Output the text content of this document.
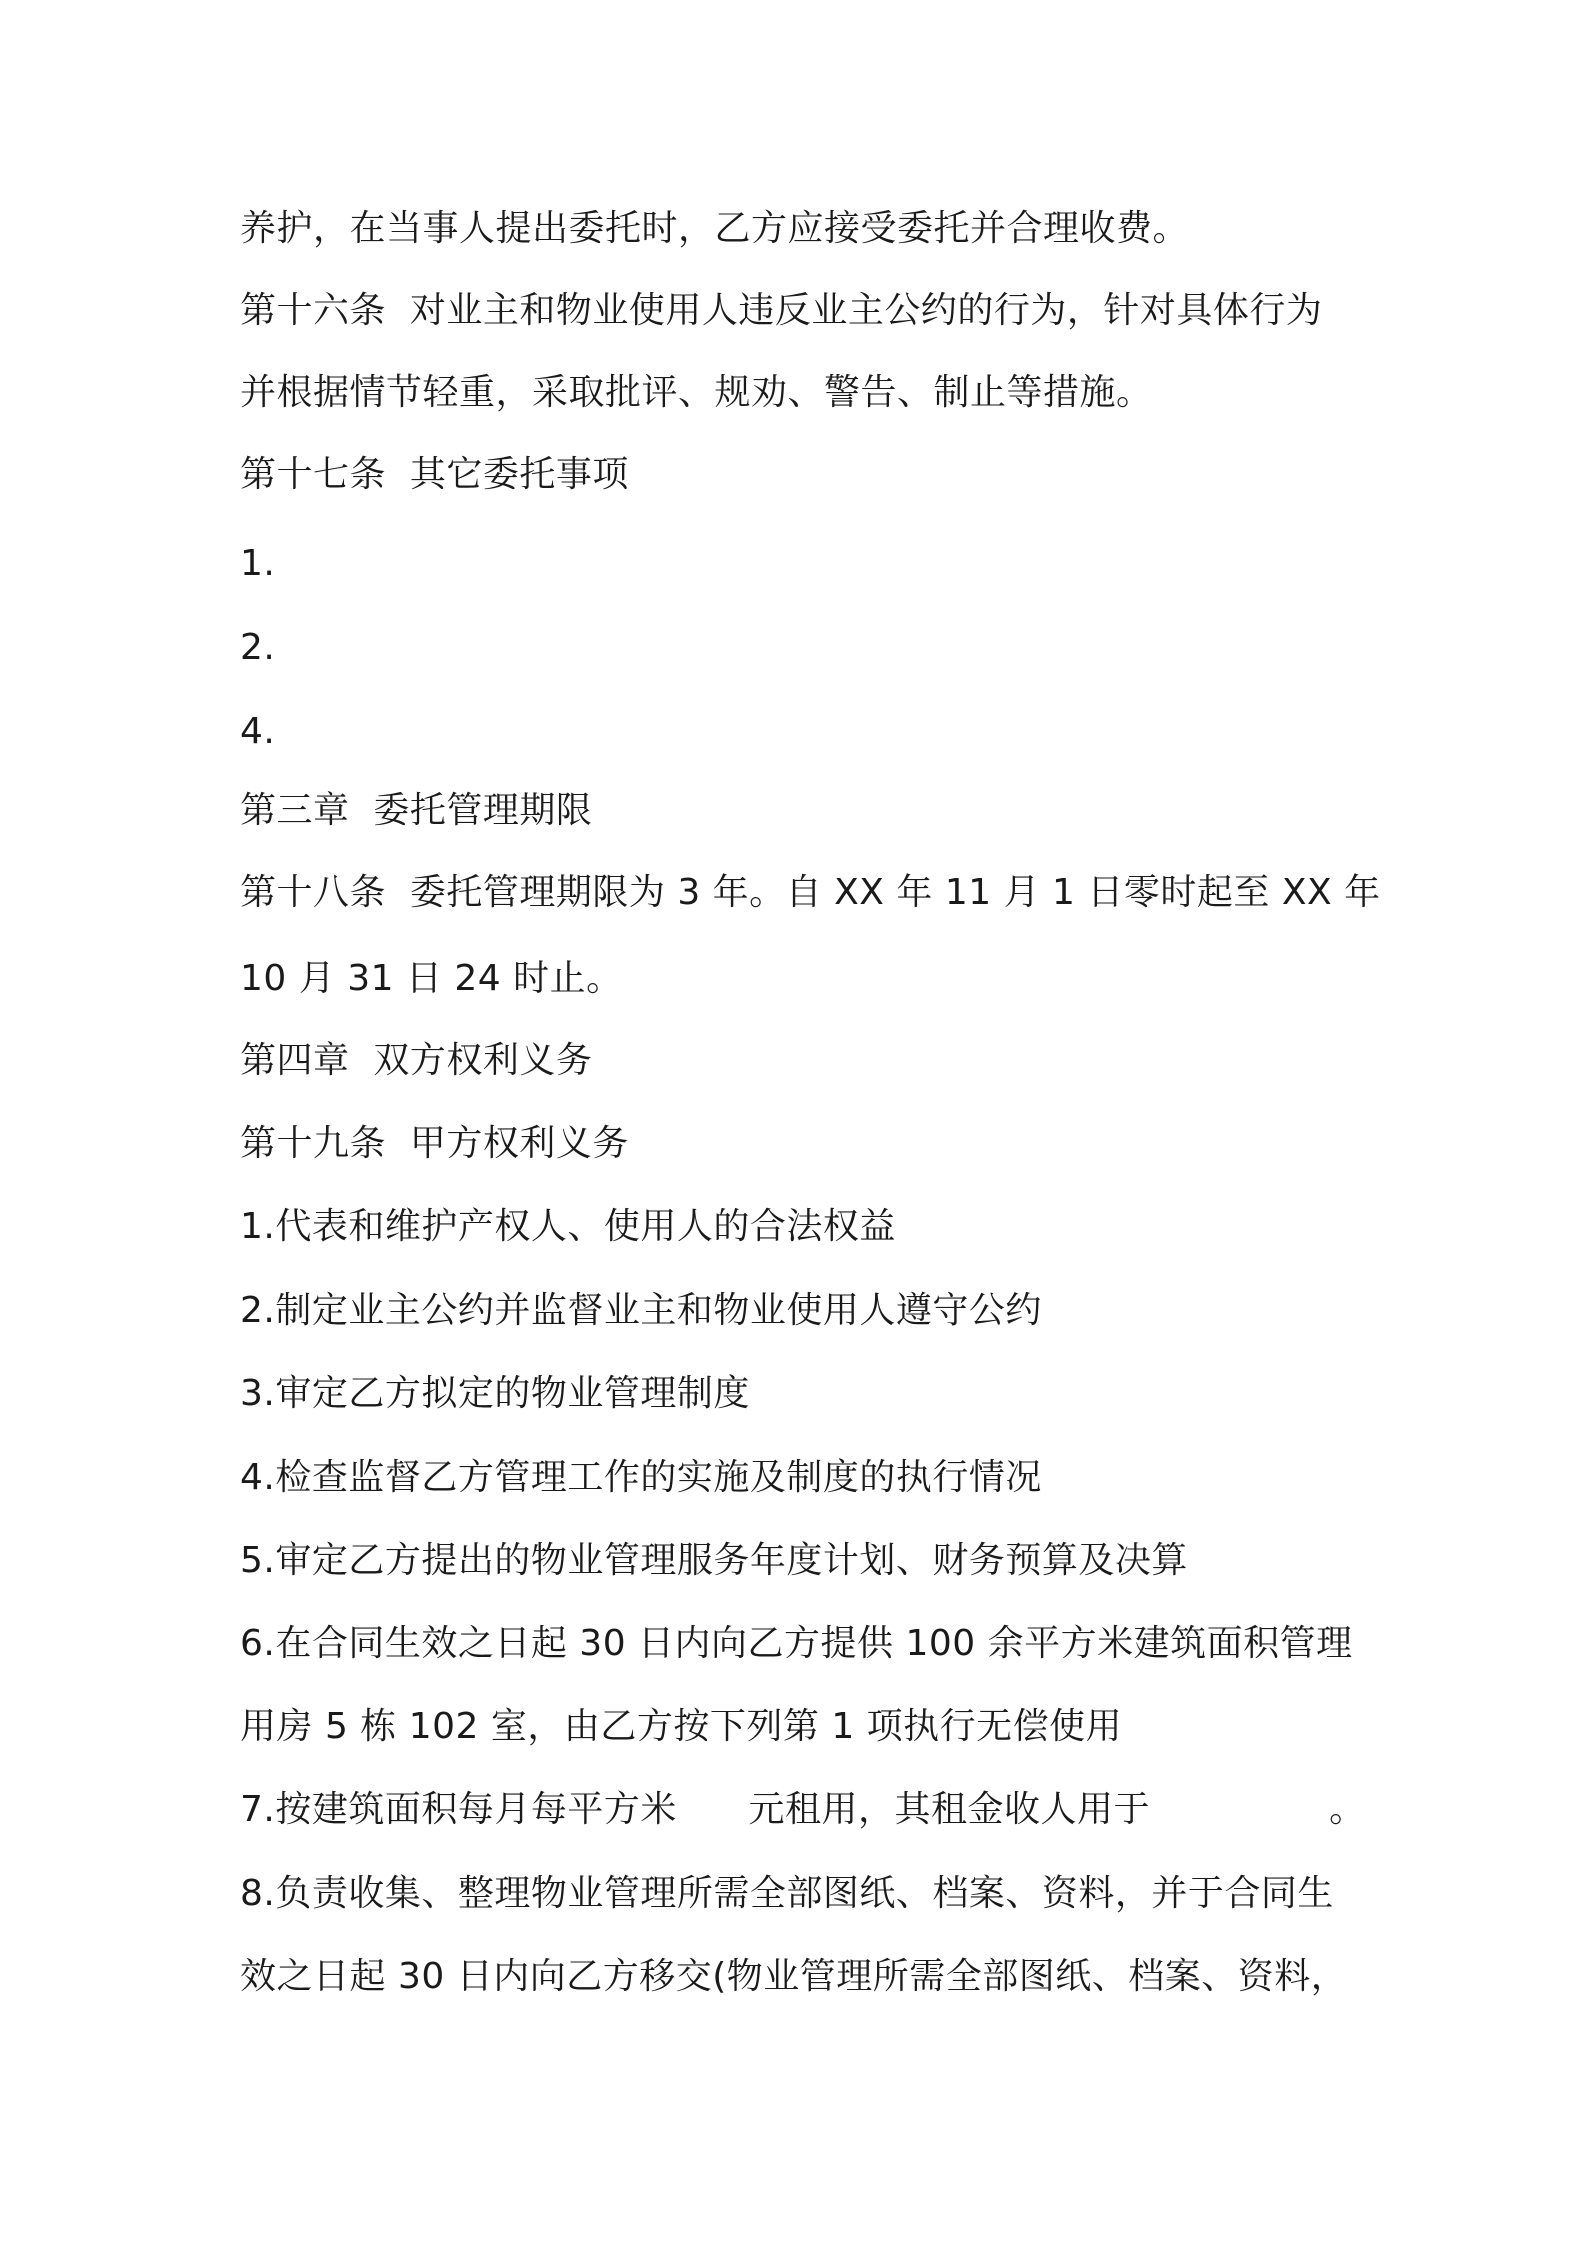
养护，在当事人提出委托时，乙方应接受委托并合理收费。
第十六条  对业主和物业使用人违反业主公约的行为，针对具体行为
并根据情节轻重，采取批评、规劝、警告、制止等措施。
第十七条  其它委托事项
1.
2.
4.
第三章  委托管理期限
第十八条  委托管理期限为 3 年。自 XX 年 11 月 1 日零时起至 XX 年
10 月 31 日 24 时止。
第四章  双方权利义务
第十九条  甲方权利义务
1.代表和维护产权人、使用人的合法权益
2.制定业主公约并监督业主和物业使用人遵守公约
3.审定乙方拟定的物业管理制度
4.检查监督乙方管理工作的实施及制度的执行情况
5.审定乙方提出的物业管理服务年度计划、财务预算及决算
6.在合同生效之日起 30 日内向乙方提供 100 余平方米建筑面积管理
用房 5 栋 102 室，由乙方按下列第 1 项执行无偿使用
7.按建筑面积每月每平方米      元租用，其租金收人用于               。
8.负责收集、整理物业管理所需全部图纸、档案、资料，并于合同生
效之日起 30 日内向乙方移交(物业管理所需全部图纸、档案、资料，
